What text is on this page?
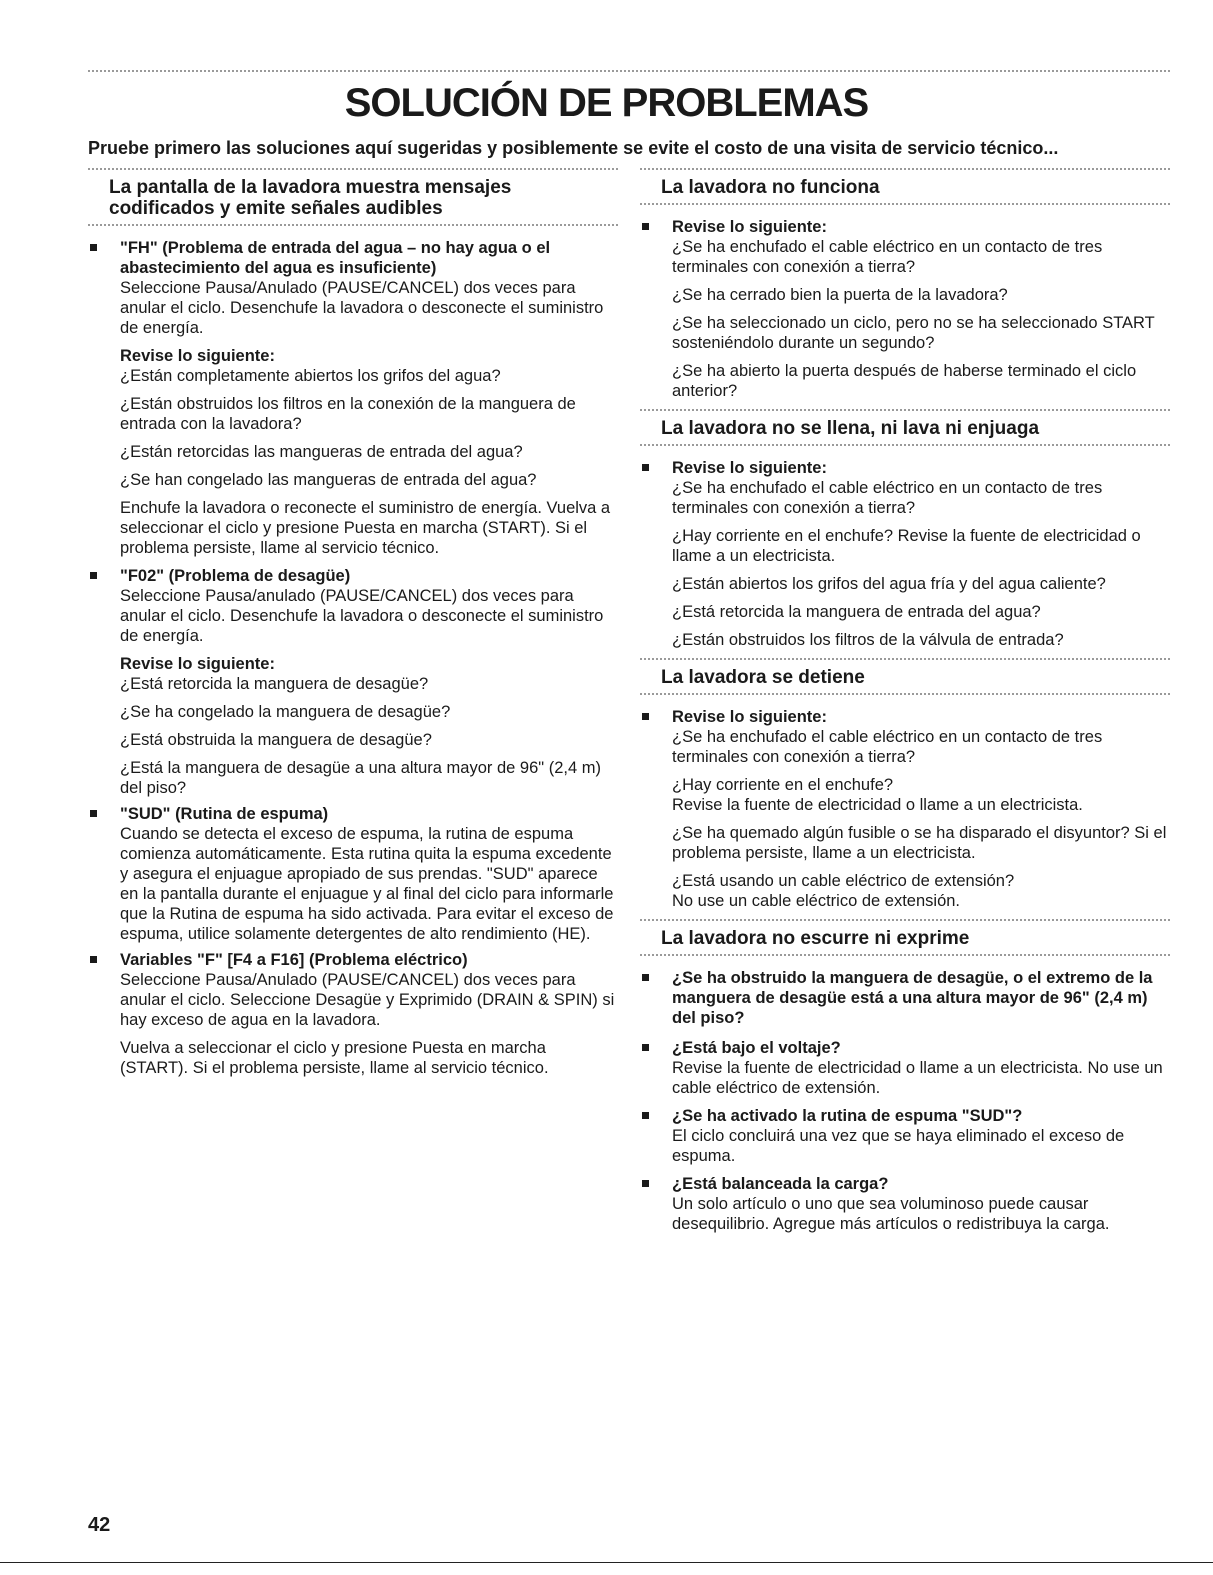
SOLUCIÓN DE PROBLEMAS
Pruebe primero las soluciones aquí sugeridas y posiblemente se evite el costo de una visita de servicio técnico...
La pantalla de la lavadora muestra mensajes
codificados y emite señales audibles

"FH" (Problema de entrada del agua – no hay agua o el abastecimiento del agua es insuficiente)

Seleccione Pausa/Anulado (PAUSE/CANCEL) dos veces para anular el ciclo. Desenchufe la lavadora o desconecte el suministro de energía.

Revise lo siguiente:

¿Están completamente abiertos los grifos del agua?

¿Están obstruidos los filtros en la conexión de la manguera de entrada con la lavadora?

¿Están retorcidas las mangueras de entrada del agua?

¿Se han congelado las mangueras de entrada del agua?

Enchufe la lavadora o reconecte el suministro de energía. Vuelva a seleccionar el ciclo y presione Puesta en marcha (START). Si el problema persiste, llame al servicio técnico.

"F02" (Problema de desagüe)

Seleccione Pausa/anulado (PAUSE/CANCEL) dos veces para anular el ciclo. Desenchufe la lavadora o desconecte el suministro de energía.

Revise lo siguiente:

¿Está retorcida la manguera de desagüe?

¿Se ha congelado la manguera de desagüe?

¿Está obstruida la manguera de desagüe?

¿Está la manguera de desagüe a una altura mayor de 96" (2,4 m) del piso?

"SUD" (Rutina de espuma)

Cuando se detecta el exceso de espuma, la rutina de espuma comienza automáticamente. Esta rutina quita la espuma excedente y asegura el enjuague apropiado de sus prendas. "SUD" aparece en la pantalla durante el enjuague y al final del ciclo para informarle que la Rutina de espuma ha sido activada. Para evitar el exceso de espuma, utilice solamente detergentes de alto rendimiento (HE).

Variables "F" [F4 a F16] (Problema eléctrico)

Seleccione Pausa/Anulado (PAUSE/CANCEL) dos veces para anular el ciclo. Seleccione Desagüe y Exprimido (DRAIN & SPIN) si hay exceso de agua en la lavadora.

Vuelva a seleccionar el ciclo y presione Puesta en marcha (START). Si el problema persiste, llame al servicio técnico.

La lavadora no funciona

Revise lo siguiente:

¿Se ha enchufado el cable eléctrico en un contacto de tres terminales con conexión a tierra?

¿Se ha cerrado bien la puerta de la lavadora?

¿Se ha seleccionado un ciclo, pero no se ha seleccionado START sosteniéndolo durante un segundo?

¿Se ha abierto la puerta después de haberse terminado el ciclo anterior?

La lavadora no se llena, ni lava ni enjuaga

Revise lo siguiente:

¿Se ha enchufado el cable eléctrico en un contacto de tres terminales con conexión a tierra?

¿Hay corriente en el enchufe? Revise la fuente de electricidad o llame a un electricista.

¿Están abiertos los grifos del agua fría y del agua caliente?

¿Está retorcida la manguera de entrada del agua?

¿Están obstruidos los filtros de la válvula de entrada?

La lavadora se detiene

Revise lo siguiente:

¿Se ha enchufado el cable eléctrico en un contacto de tres terminales con conexión a tierra?

¿Hay corriente en el enchufe?
Revise la fuente de electricidad o llame a un electricista.

¿Se ha quemado algún fusible o se ha disparado el disyuntor? Si el problema persiste, llame a un electricista.

¿Está usando un cable eléctrico de extensión?
No use un cable eléctrico de extensión.

La lavadora no escurre ni exprime

¿Se ha obstruido la manguera de desagüe, o el extremo de la manguera de desagüe está a una altura mayor de 96" (2,4 m) del piso?

¿Está bajo el voltaje?

Revise la fuente de electricidad o llame a un electricista. No use un cable eléctrico de extensión.

¿Se ha activado la rutina de espuma "SUD"?

El ciclo concluirá una vez que se haya eliminado el exceso de espuma.

¿Está balanceada la carga?

Un solo artículo o uno que sea voluminoso puede causar desequilibrio. Agregue más artículos o redistribuya la carga.

42
